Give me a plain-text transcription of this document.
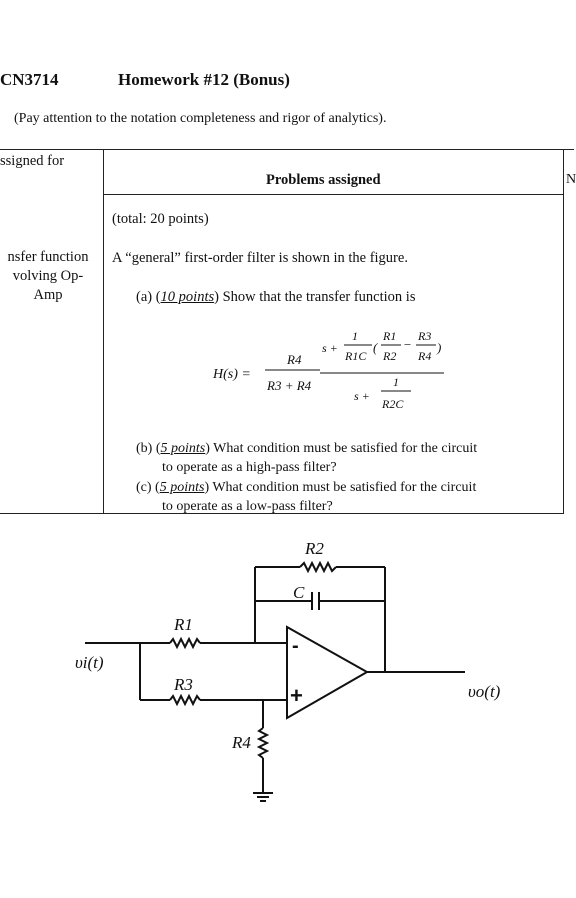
CN3714	Homework #12 (Bonus)
(Pay attention to the notation completeness and rigor of analytics).
ssigned for
Problems assigned	N
nsfer function
volving Op-
Amp
(total: 20 points)
A “general” first-order filter is shown in the figure.
(a) (10 points) Show that the transfer function is
(b) (5 points) What condition must be satisfied for the circuit
to operate as a high-pass filter?
(c) (5 points) What condition must be satisfied for the circuit
to operate as a low-pass filter?
H(s) =
R4
R3 + R4
s +
1
R1C
(
R1
R2
−
R3
R4
)
s +
1
R2C
R2
C
R1
R3
R4
υi(t)
υo(t)
-
+
